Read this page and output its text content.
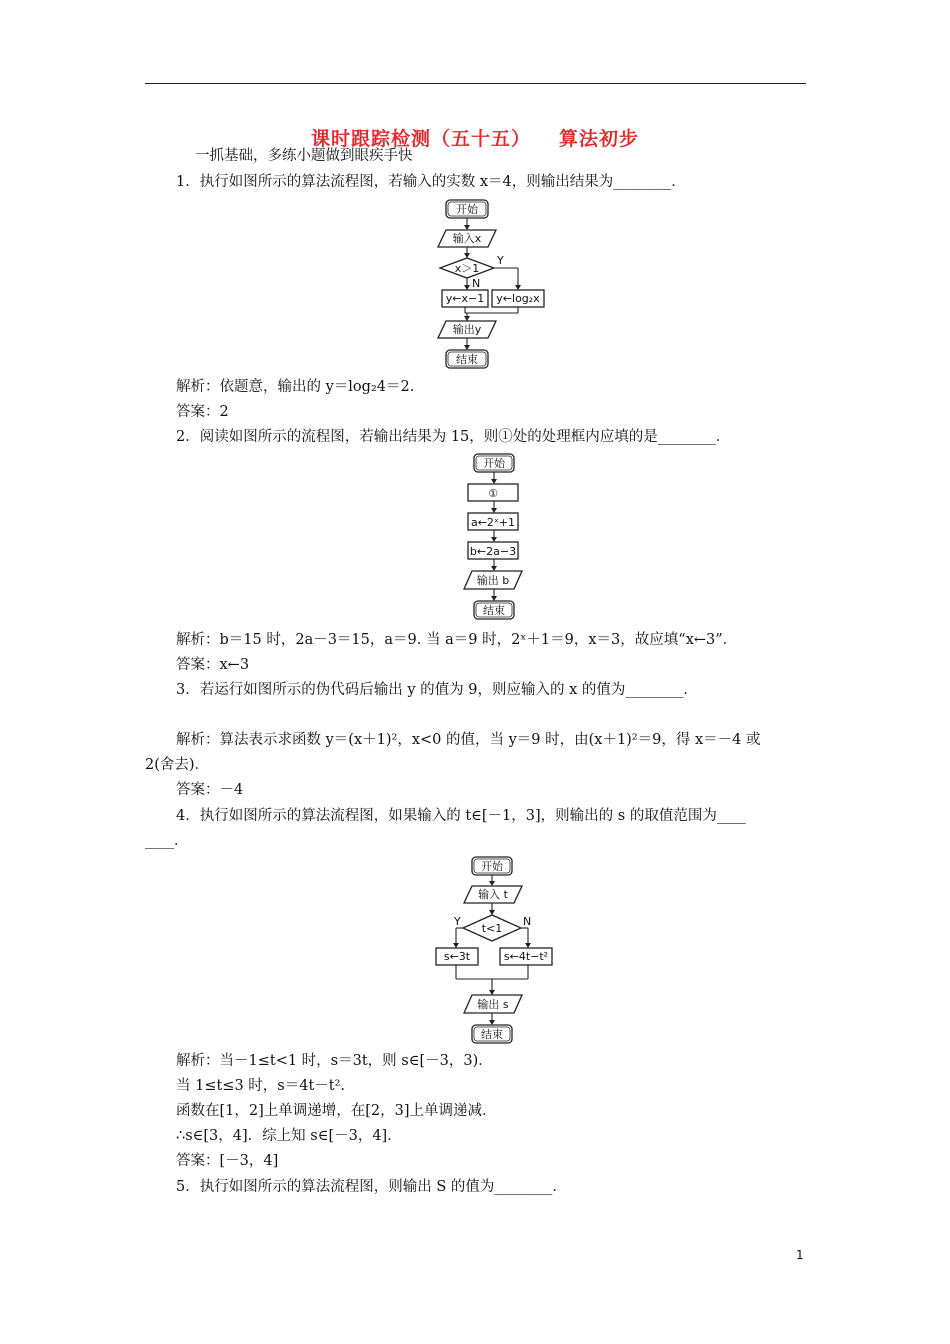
课时跟踪检测（五十五） 算法初步
一抓基础，多练小题做到眼疾手快
1．执行如图所示的算法流程图，若输入的实数 x＝4，则输出结果为________．
开始
输入x
x＞1
Y
N
y←x−1 y←log₂x
输出y
结束
解析：依题意，输出的 y＝log₂4＝2.
答案：2
2．阅读如图所示的流程图，若输出结果为 15，则①处的处理框内应填的是________．
开始
①
a←2ˣ+1
b←2a−3
输出 b
结束
解析：b＝15 时，2a－3＝15，a＝9. 当 a＝9 时，2ˣ＋1＝9，x＝3，故应填“x←3”．
答案：x←3
3．若运行如图所示的伪代码后输出 y 的值为 9，则应输入的 x 的值为________．
解析：算法表示求函数 y＝(x＋1)²，x<0 的值，当 y＝9 时，由(x＋1)²＝9，得 x＝－4 或
2(舍去)．
答案：－4
4．执行如图所示的算法流程图，如果输入的 t∈[－1，3]，则输出的 s 的取值范围为____
____．
开始
输入 t
t<1
Y	N
s←3t	s←4t−t²
输出 s
结束
解析：当－1≤t<1 时，s＝3t，则 s∈[－3，3)．
当 1≤t≤3 时，s＝4t－t².
函数在[1，2]上单调递增，在[2，3]上单调递减．
∴s∈[3，4]．综上知 s∈[－3，4]．
答案：[－3，4]
5．执行如图所示的算法流程图，则输出 S 的值为________．
1
